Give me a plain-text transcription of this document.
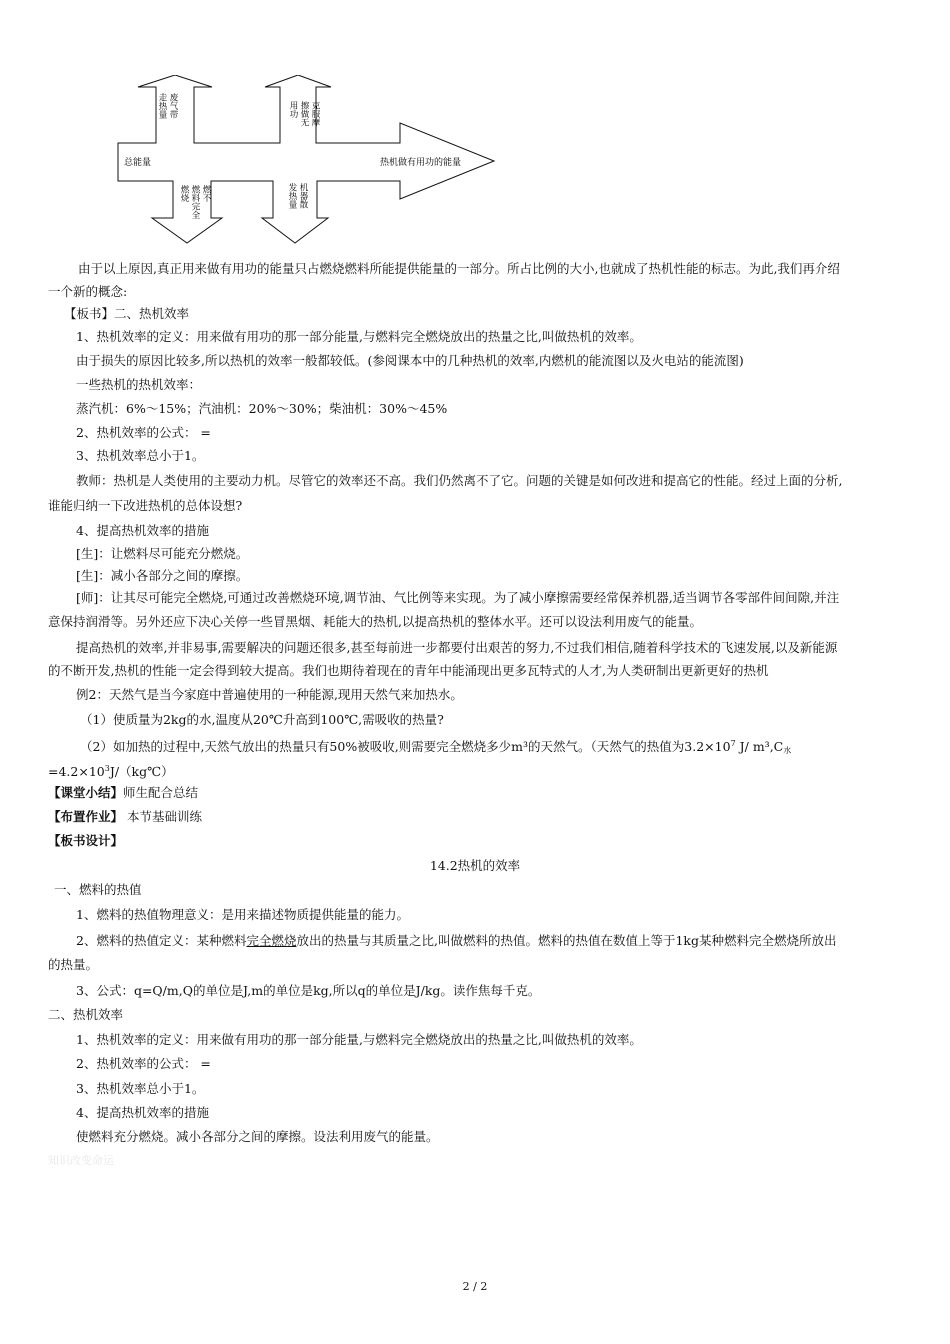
总能量	热机做有用功的能量
走热量 废气带	用功 擦做无 克服摩
燃烧 燃料完全 燃不	发热量 机器散
由于以上原因,真正用来做有用功的能量只占燃烧燃料所能提供能量的一部分。所占比例的大小,也就成了热机性能的标志。为此,我们再介绍
一个新的概念:
【板书】二、热机效率
1、热机效率的定义：用来做有用功的那一部分能量,与燃料完全燃烧放出的热量之比,叫做热机的效率。
由于损失的原因比较多,所以热机的效率一般都较低。(参阅课本中的几种热机的效率,内燃机的能流图以及火电站的能流图)
一些热机的热机效率：
蒸汽机：6%～15%；汽油机：20%～30%；柴油机：30%～45%
2、热机效率的公式： =
3、热机效率总小于1。
教师：热机是人类使用的主要动力机。尽管它的效率还不高。我们仍然离不了它。问题的关键是如何改进和提高它的性能。经过上面的分析,
谁能归纳一下改进热机的总体设想?
4、提高热机效率的措施
[生]：让燃料尽可能充分燃烧。
[生]：减小各部分之间的摩擦。
[师]：让其尽可能完全燃烧,可通过改善燃烧环境,调节油、气比例等来实现。为了减小摩擦需要经常保养机器,适当调节各零部件间间隙,并注
意保持润滑等。另外还应下决心关停一些冒黑烟、耗能大的热机,以提高热机的整体水平。还可以设法利用废气的能量。
提高热机的效率,并非易事,需要解决的问题还很多,甚至每前进一步都要付出艰苦的努力,不过我们相信,随着科学技术的飞速发展,以及新能源
的不断开发,热机的性能一定会得到较大提高。我们也期待着现在的青年中能涌现出更多瓦特式的人才,为人类研制出更新更好的热机
例2：天然气是当今家庭中普遍使用的一种能源,现用天然气来加热水。
（1）使质量为2kg的水,温度从20℃升高到100℃,需吸收的热量?
（2）如加热的过程中,天然气放出的热量只有50%被吸收,则需要完全燃烧多少m³的天然气。（天然气的热值为$3.2\times 10^7$ J/ $m^3,C_水$
$=4.2\times 10^3J/(kg℃)$
【课堂小结】师生配合总结
【布置作业】 本节基础训练
【板书设计】
14.2热机的效率
一、燃料的热值
1、燃料的热值物理意义：是用来描述物质提供能量的能力。
2、燃料的热值定义：某种燃料完全燃烧放出的热量与其质量之比,叫做燃料的热值。燃料的热值在数值上等于1kg某种燃料完全燃烧所放出
的热量。
3、公式：q=Q/m,Q的单位是J,m的单位是kg,所以q的单位是J/kg。读作焦每千克。
二、热机效率
1、热机效率的定义：用来做有用功的那一部分能量,与燃料完全燃烧放出的热量之比,叫做热机的效率。
2、热机效率的公式： =
3、热机效率总小于1。
4、提高热机效率的措施
使燃料充分燃烧。减小各部分之间的摩擦。设法利用废气的能量。
知识改变命运
2 / 2
